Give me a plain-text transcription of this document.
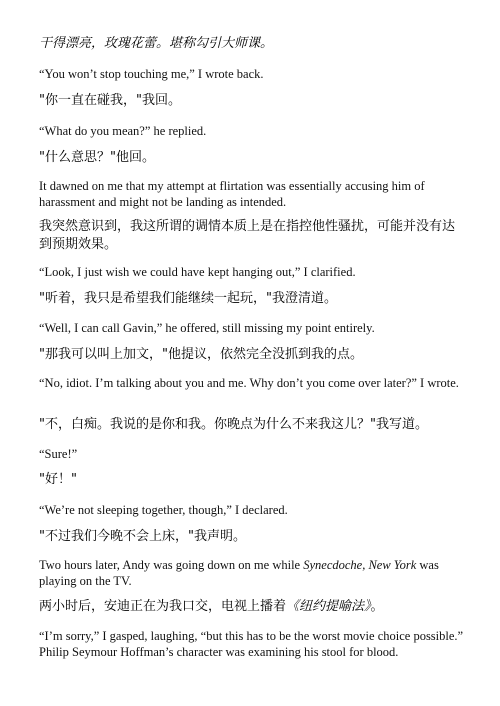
干得漂亮，玫瑰花蕾。堪称勾引大师课。

“You won’t stop touching me,” I wrote back.

"你一直在碰我，"我回。

“What do you mean?” he replied.

"什么意思？"他回。

It dawned on me that my attempt at flirtation was essentially accusing him of harassment and might not be landing as intended.

我突然意识到，我这所谓的调情本质上是在指控他性骚扰，可能并没有达到预期效果。

“Look, I just wish we could have kept hanging out,” I clarified.

"听着，我只是希望我们能继续一起玩，"我澄清道。

“Well, I can call Gavin,” he offered, still missing my point entirely.

"那我可以叫上加文，"他提议，依然完全没抓到我的点。

“No, idiot. I’m talking about you and me. Why don’t you come over later?” I wrote.

"不，白痴。我说的是你和我。你晚点为什么不来我这儿？"我写道。

“Sure!”

"好！"

“We’re not sleeping together, though,” I declared.

"不过我们今晚不会上床，"我声明。

Two hours later, Andy was going down on me while Synecdoche, New York was playing on the TV.

两小时后，安迪正在为我口交，电视上播着《纽约提喻法》。

“I’m sorry,” I gasped, laughing, “but this has to be the worst movie choice possible.” Philip Seymour Hoffman’s character was examining his stool for blood.
